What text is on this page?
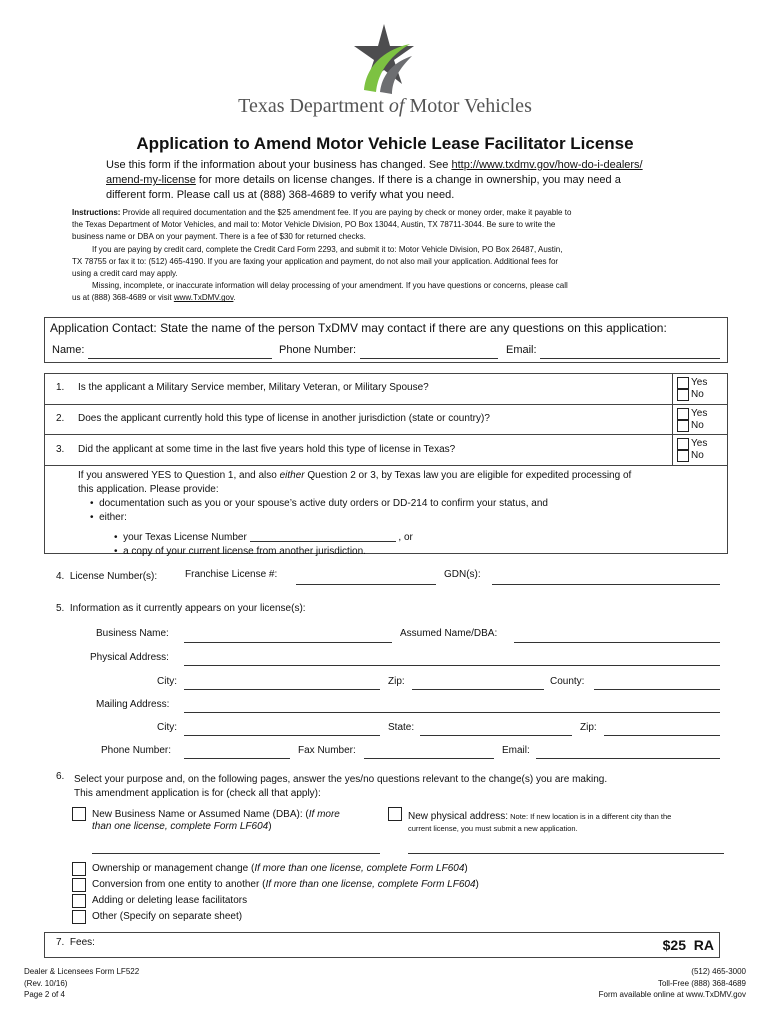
Texas Department of Motor Vehicles
Application to Amend Motor Vehicle Lease Facilitator License
Use this form if the information about your business has changed. See http://www.txdmv.gov/how-do-i-dealers/
amend-my-license for more details on license changes. If there is a change in ownership, you may need a
different form. Please call us at (888) 368-4689 to verify what you need.
Instructions: Provide all required documentation and the $25 amendment fee. If you are paying by check or money order, make it payable to
the Texas Department of Motor Vehicles, and mail to: Motor Vehicle Division, PO Box 13044, Austin, TX 78711-3044. Be sure to write the
business name or DBA on your payment. There is a fee of $30 for returned checks.
If you are paying by credit card, complete the Credit Card Form 2293, and submit it to: Motor Vehicle Division, PO Box 26487, Austin,
TX 78755 or fax it to: (512) 465-4190. If you are faxing your application and payment, do not also mail your application. Additional fees for
using a credit card may apply.
Missing, incomplete, or inaccurate information will delay processing of your amendment. If you have questions or concerns, please call
us at (888) 368-4689 or visit www.TxDMV.gov.
Application Contact: State the name of the person TxDMV may contact if there are any questions on this application:
Name:	Phone Number:	Email:
1. Is the applicant a Military Service member, Military Veteran, or Military Spouse?	Yes
No
2. Does the applicant currently hold this type of license in another jurisdiction (state or country)?	Yes
No
3. Did the applicant at some time in the last five years hold this type of license in Texas?
Yes
No
If you answered YES to Question 1, and also either Question 2 or 3, by Texas law you are eligible for expedited processing of
this application. Please provide:
•  documentation such as you or your spouse’s active duty orders or DD-214 to confirm your status, and
•  either:
•  your Texas License Number	, or
•  a copy of your current license from another jurisdiction.
4.  License Number(s):	Franchise License #:	GDN(s):
5.  Information as it currently appears on your license(s):
Business Name:	Assumed Name/DBA:
Physical Address:
City:	Zip:	County:
Mailing Address:
City:	State:	Zip:
Phone Number:	Fax Number:	Email:
6. Select your purpose and, on the following pages, answer the yes/no questions relevant to the change(s) you are making.
This amendment application is for (check all that apply):
New Business Name or Assumed Name (DBA): (If more
than one license, complete Form LF604)
New physical address: Note: If new location is in a different city than the
current license, you must submit a new application.
Ownership or management change (If more than one license, complete Form LF604)
Conversion from one entity to another (If more than one license, complete Form LF604)
Adding or deleting lease facilitators
Other (Specify on separate sheet)
7.  Fees:	$25  RA
Dealer & Licensees Form LF522
(Rev. 10/16)
Page 2 of 4
(512) 465-3000
Toll-Free (888) 368-4689
Form available online at www.TxDMV.gov
